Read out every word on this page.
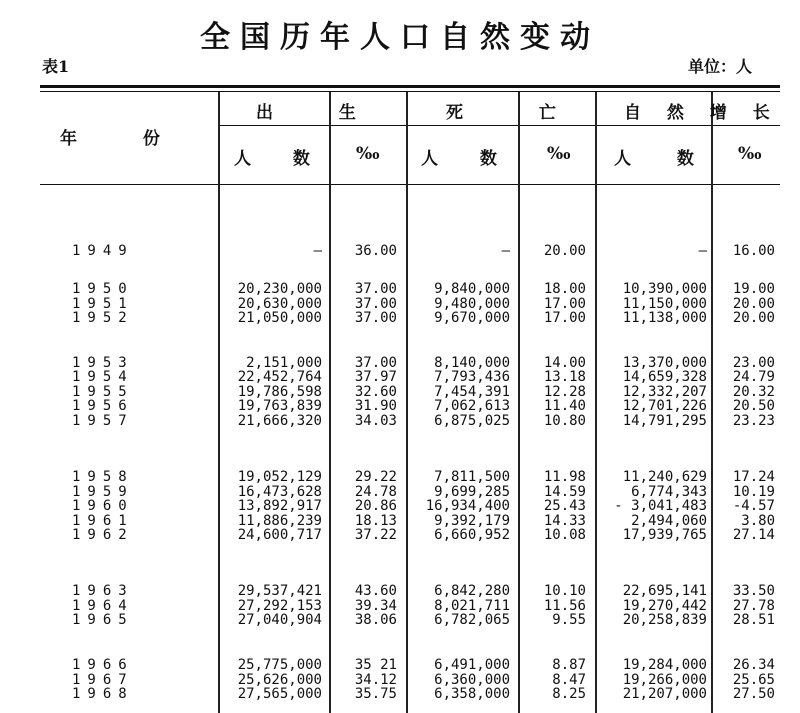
全国历年人口自然变动
表1	单位：人
年 份
出 生	死 亡	自 然 增 长
人 数	‰ 人 数	‰	人 数	‰
1949	— 36.00	— 20.00	— 16.00
1950	20,230,000 37.00	9,840,000 18.00	10,390,000 19.00
1951	20,630,000 37.00	9,480,000 17.00	11,150,000 20.00
1952	21,050,000 37.00	9,670,000 17.00	11,138,000 20.00
1953	2,151,000 37.00	8,140,000 14.00	13,370,000 23.00
1954	22,452,764 37.97	7,793,436 13.18	14,659,328 24.79
1955	19,786,598 32.60	7,454,391 12.28	12,332,207 20.32
1956	19,763,839 31.90	7,062,613 11.40	12,701,226 20.50
1957	21,666,320 34.03	6,875,025 10.80	14,791,295 23.23
1958	19,052,129 29.22	7,811,500 11.98	11,240,629 17.24
1959	16,473,628 24.78	9,699,285 14.59	6,774,343 10.19
1960	13,892,917 20.86 16,934,400 25.43 - 3,041,483 -4.57
1961	11,886,239 18.13	9,392,179 14.33	2,494,060 3.80
1962	24,600,717 37.22	6,660,952 10.08	17,939,765 27.14
1963	29,537,421 43.60	6,842,280 10.10	22,695,141 33.50
1964	27,292,153 39.34	8,021,711 11.56	19,270,442 27.78
1965	27,040,904 38.06	6,782,065	9.55	20,258,839 28.51
1966	25,775,000 35 21	6,491,000	8.87	19,284,000 26.34
1967	25,626,000 34.12	6,360,000	8.47	19,266,000 25.65
1968	27,565,000 35.75	6,358,000	8.25	21,207,000 27.50
